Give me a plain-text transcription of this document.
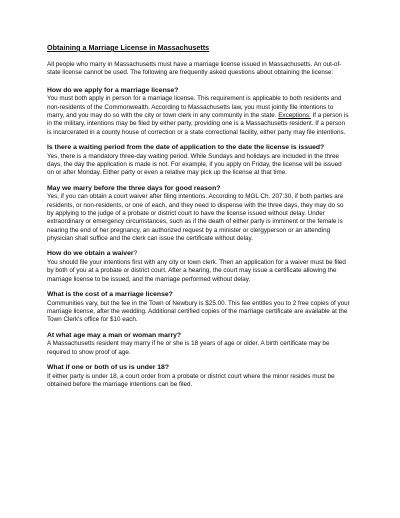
Obtaining a Marriage License in Massachusetts

All people who marry in Massachusetts must have a marriage license issued in Massachusetts. An out-of-state license cannot be used. The following are frequently asked questions about obtaining the license:

How do we apply for a marriage license?

You must both apply in person for a marriage license. This requirement is applicable to both residents and non-residents of the Commonwealth. According to Massachusetts law, you must jointly file intentions to marry, and you may do so with the city or town clerk in any community in the state. Exceptions: If a person is in the military, intentions may be filed by either party, providing one is a Massachusetts resident. If a person is incarcerated in a county house of correction or a state correctional facility, either party may file intentions.

Is there a waiting period from the date of application to the date the license is issued?

Yes, there is a mandatory three-day waiting period. While Sundays and holidays are included in the three days, the day the application is made is not. For example, if you apply on Friday, the license will be issued on or after Monday. Either party or even a relative may pick up the license at that time.

May we marry before the three days for good reason?

Yes, if you can obtain a court waiver after filing intentions. According to MGL Ch. 207:30, if both parties are residents, or non-residents, or one of each, and they need to dispense with the three days, they may do so by applying to the judge of a probate or district court to have the license issued without delay. Under extraordinary or emergency circumstances, such as if the death of either party is imminent or the female is nearing the end of her pregnancy, an authorized request by a minister or clergyperson or an attending physician shall suffice and the clerk can issue the certificate without delay.

How do we obtain a waiver?

You should file your intentions first with any city or town clerk. Then an application for a waiver must be filed by both of you at a probate or district court. After a hearing, the court may issue a certificate allowing the marriage license to be issued, and the marriage performed without delay.

What is the cost of a marriage license?

Communities vary, but the fee in the Town of Newbury is $25.00. This fee entitles you to 2 free copies of your marriage license, after the wedding. Additional certified copies of the marriage certificate are available at the Town Clerk's office for $10 each.

At what age may a man or woman marry?

A Massachusetts resident may marry if he or she is 18 years of age or older. A birth certificate may be required to show proof of age.

What if one or both of us is under 18?

If either party is under 18, a court order from a probate or district court where the minor resides must be obtained before the marriage intentions can be filed.
